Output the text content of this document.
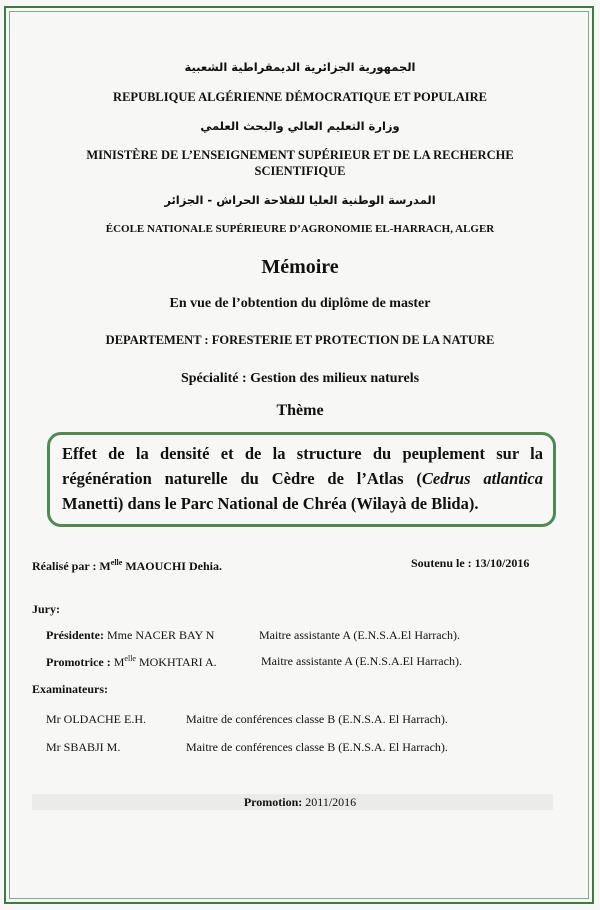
الجمهورية الجزائرية الديمقراطية الشعبية
REPUBLIQUE ALGÉRIENNE DÉMOCRATIQUE ET POPULAIRE
وزارة التعليم العالي والبحث العلمي
MINISTÈRE DE L’ENSEIGNEMENT SUPÉRIEUR ET DE LA RECHERCHE
SCIENTIFIQUE
المدرسة الوطنية العليا للفلاحة الحراش - الجزائر
ÉCOLE NATIONALE SUPÉRIEURE D’AGRONOMIE EL-HARRACH, ALGER
Mémoire
En vue de l’obtention du diplôme de master
DEPARTEMENT : FORESTERIE ET PROTECTION DE LA NATURE
Spécialité : Gestion des milieux naturels
Thème
Effet de la densité et de la structure du peuplement sur la régénération naturelle du Cèdre de l’Atlas (Cedrus atlantica Manetti) dans le Parc National de Chréa (Wilayà de Blida).
Réalisé par : $M^{elle}$ MAOUCHI Dehia.	Soutenu le : 13/10/2016
Jury:
Présidente: Mme NACER BAY N	Maitre assistante A (E.N.S.A.El Harrach).
Promotrice : $M^{elle}$ MOKHTARI A.	Maitre assistante A (E.N.S.A.El Harrach).
Examinateurs:
Mr OLDACHE E.H.	Maitre de conférences classe B (E.N.S.A. El Harrach).
Mr SBABJI M.	Maitre de conférences classe B (E.N.S.A. El Harrach).
Promotion: 2011/2016
